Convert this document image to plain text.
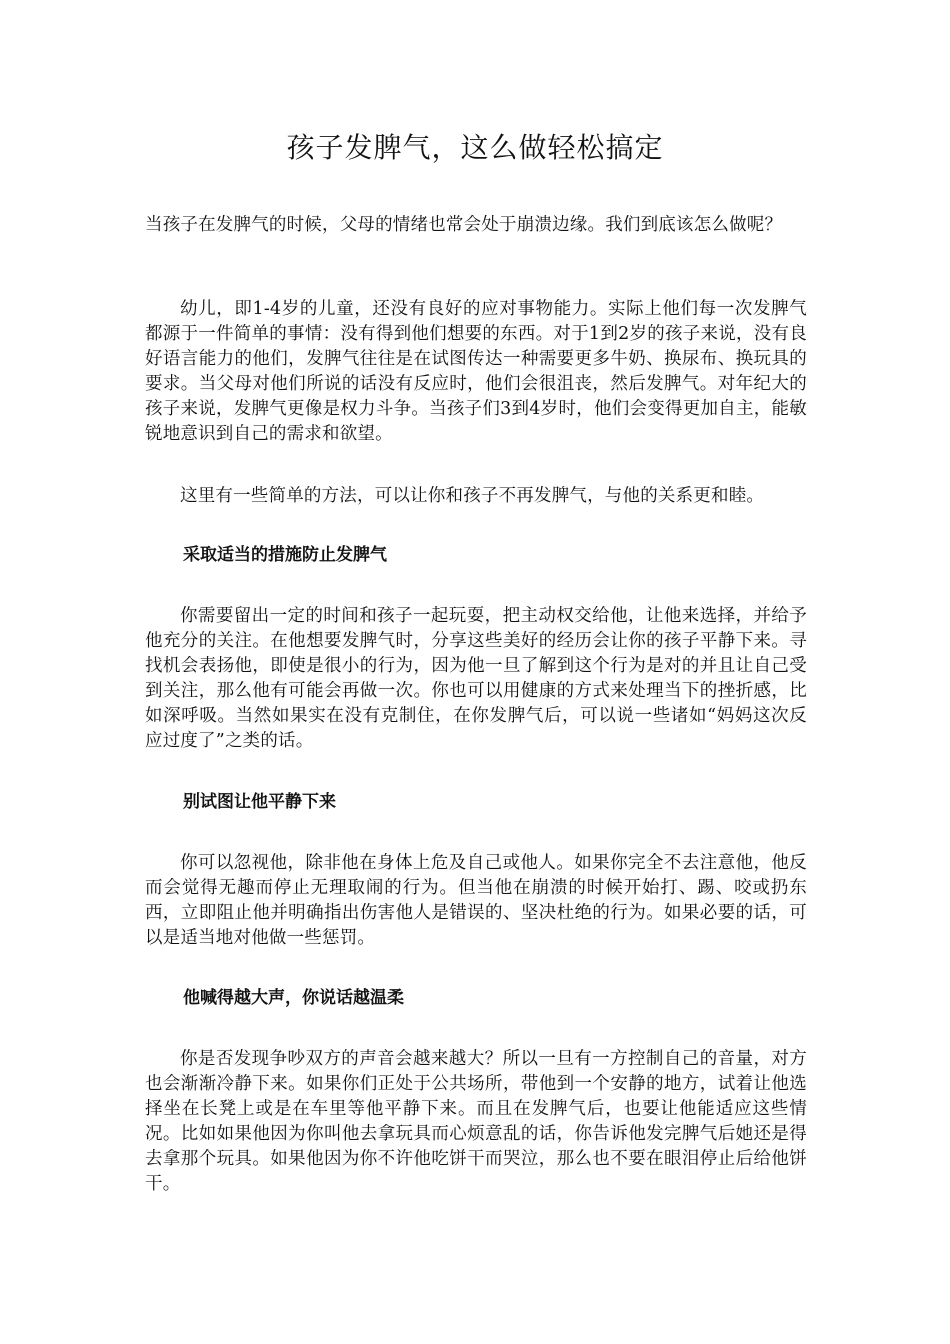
孩子发脾气，这么做轻松搞定

当孩子在发脾气的时候，父母的情绪也常会处于崩溃边缘。我们到底该怎么做呢？

幼儿，即1-4岁的儿童，还没有良好的应对事物能力。实际上他们每一次发脾气都源于一件简单的事情：没有得到他们想要的东西。对于1到2岁的孩子来说，没有良好语言能力的他们，发脾气往往是在试图传达一种需要更多牛奶、换尿布、换玩具的要求。当父母对他们所说的话没有反应时，他们会很沮丧，然后发脾气。对年纪大的孩子来说，发脾气更像是权力斗争。当孩子们3到4岁时，他们会变得更加自主，能敏锐地意识到自己的需求和欲望。

这里有一些简单的方法，可以让你和孩子不再发脾气，与他的关系更和睦。

采取适当的措施防止发脾气

你需要留出一定的时间和孩子一起玩耍，把主动权交给他，让他来选择，并给予他充分的关注。在他想要发脾气时，分享这些美好的经历会让你的孩子平静下来。寻找机会表扬他，即使是很小的行为，因为他一旦了解到这个行为是对的并且让自己受到关注，那么他有可能会再做一次。你也可以用健康的方式来处理当下的挫折感，比如深呼吸。当然如果实在没有克制住，在你发脾气后，可以说一些诸如“妈妈这次反应过度了”之类的话。

别试图让他平静下来

你可以忽视他，除非他在身体上危及自己或他人。如果你完全不去注意他，他反而会觉得无趣而停止无理取闹的行为。但当他在崩溃的时候开始打、踢、咬或扔东西，立即阻止他并明确指出伤害他人是错误的、坚决杜绝的行为。如果必要的话，可以是适当地对他做一些惩罚。

他喊得越大声，你说话越温柔

你是否发现争吵双方的声音会越来越大？所以一旦有一方控制自己的音量，对方也会渐渐冷静下来。如果你们正处于公共场所，带他到一个安静的地方，试着让他选择坐在长凳上或是在车里等他平静下来。而且在发脾气后，也要让他能适应这些情况。比如如果他因为你叫他去拿玩具而心烦意乱的话，你告诉他发完脾气后她还是得去拿那个玩具。如果他因为你不许他吃饼干而哭泣，那么也不要在眼泪停止后给他饼干。
